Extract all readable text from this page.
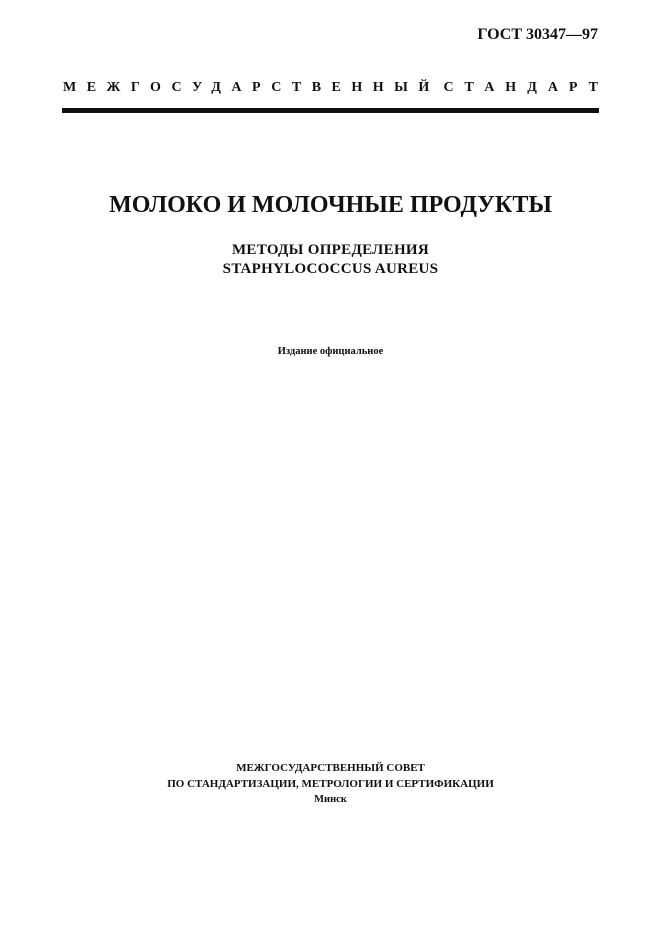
ГОСТ 30347—97
МЕЖГОСУДАРСТВЕННЫЙ СТАНДАРТ
МОЛОКО И МОЛОЧНЫЕ ПРОДУКТЫ
МЕТОДЫ ОПРЕДЕЛЕНИЯ
STAPHYLOCOCCUS AUREUS
Издание официальное
МЕЖГОСУДАРСТВЕННЫЙ СОВЕТ
ПО СТАНДАРТИЗАЦИИ, МЕТРОЛОГИИ И СЕРТИФИКАЦИИ
Минск
